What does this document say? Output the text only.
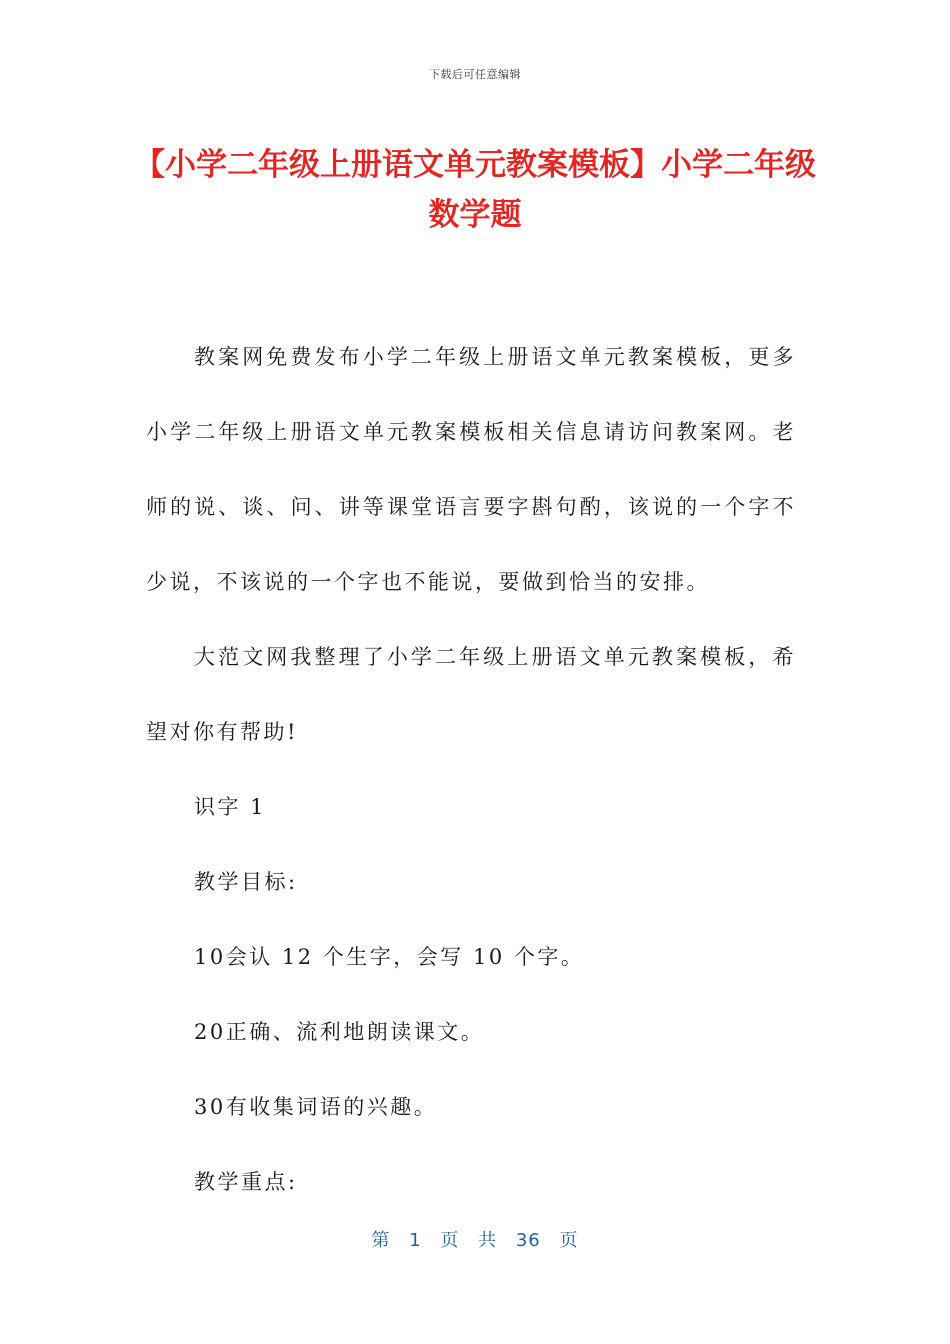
下载后可任意编辑
【小学二年级上册语文单元教案模板】小学二年级数学题

教案网免费发布小学二年级上册语文单元教案模板，更多小学二年级上册语文单元教案模板相关信息请访问教案网。老师的说、谈、问、讲等课堂语言要字斟句酌，该说的一个字不少说，不该说的一个字也不能说，要做到恰当的安排。

大范文网我整理了小学二年级上册语文单元教案模板，希望对你有帮助!

识字 1

教学目标:

10会认 12 个生字，会写 10 个字。

20正确、流利地朗读课文。

30有收集词语的兴趣。

教学重点:

第 1 页 共 36 页
